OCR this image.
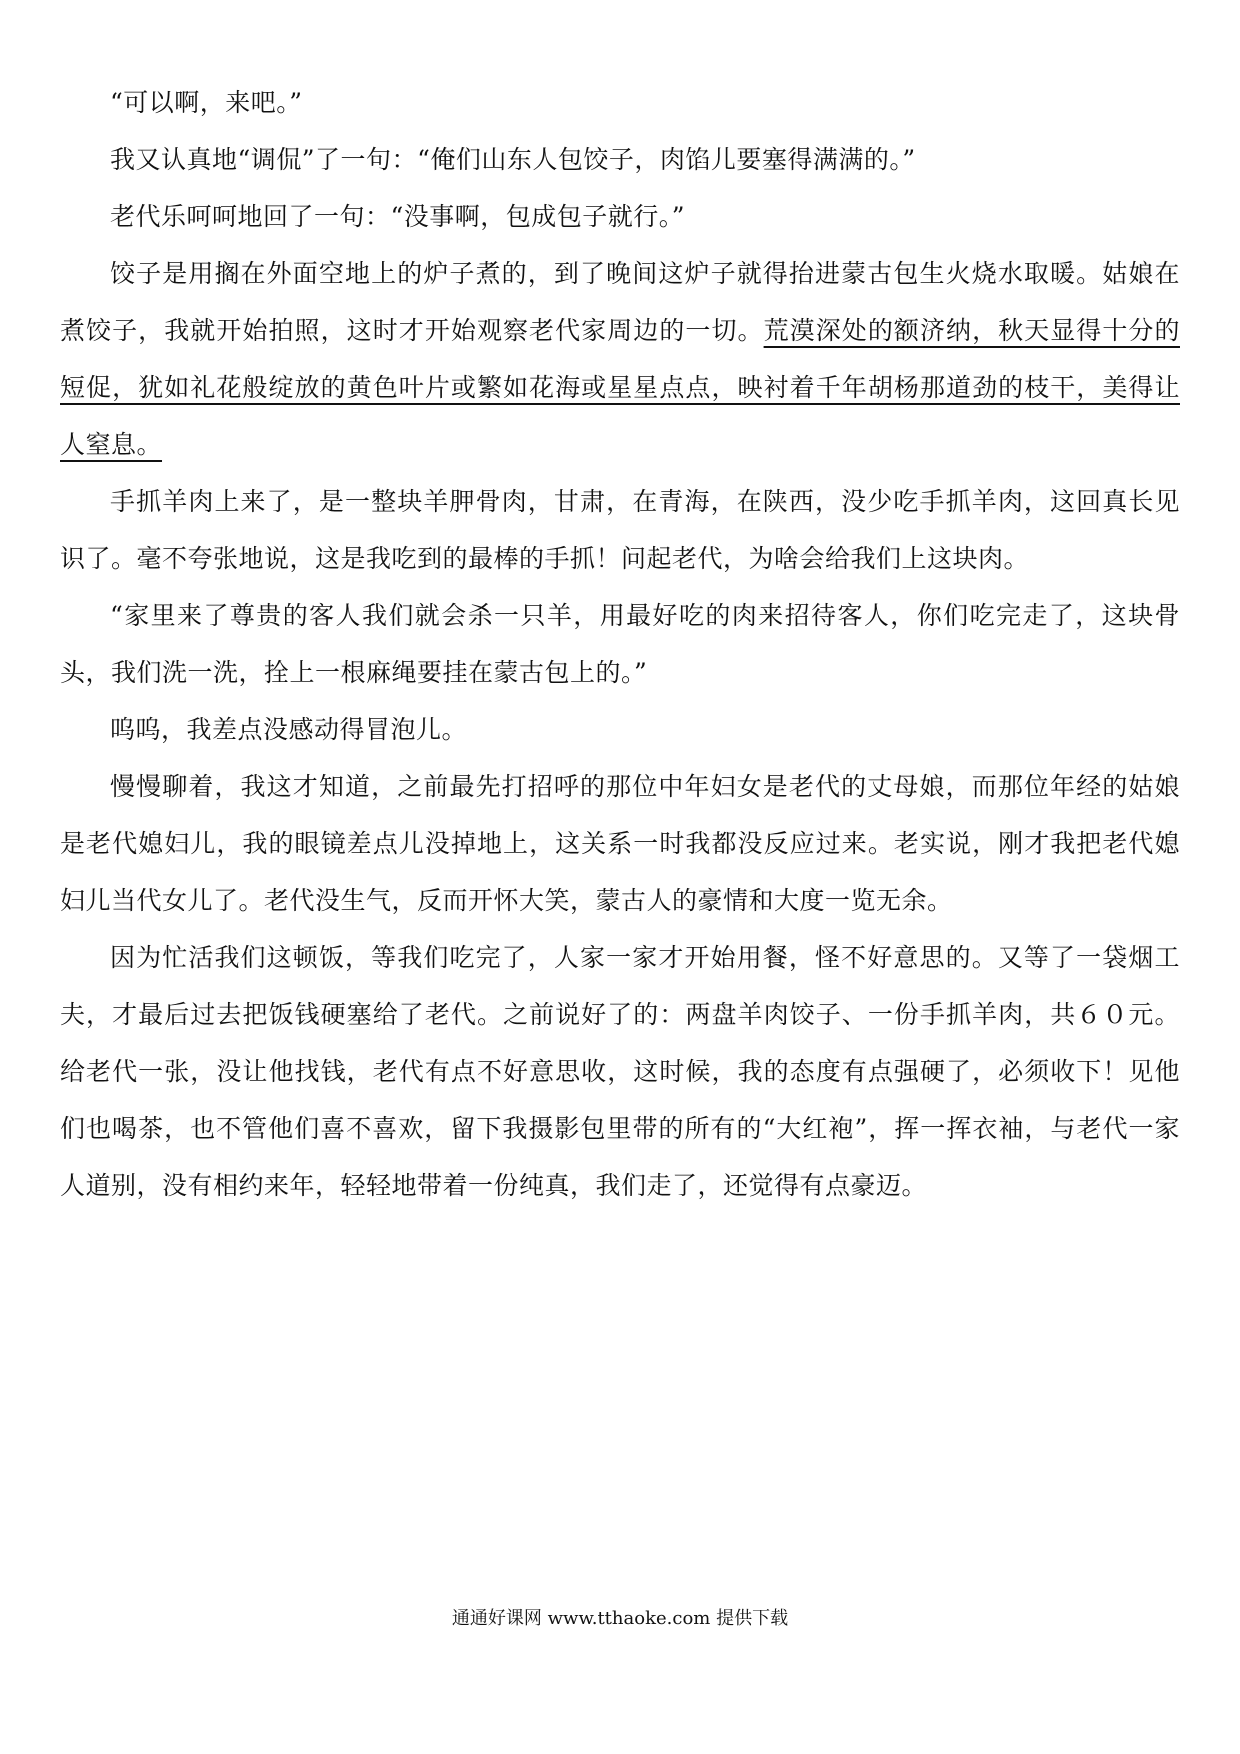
“可以啊，来吧。”

我又认真地“调侃”了一句：“俺们山东人包饺子，肉馅儿要塞得满满的。”

老代乐呵呵地回了一句：“没事啊，包成包子就行。”

饺子是用搁在外面空地上的炉子煮的，到了晚间这炉子就得抬进蒙古包生火烧水取暖。姑娘在煮饺子，我就开始拍照，这时才开始观察老代家周边的一切。荒漠深处的额济纳，秋天显得十分的短促，犹如礼花般绽放的黄色叶片或繁如花海或星星点点，映衬着千年胡杨那道劲的枝干，美得让人窒息。

手抓羊肉上来了，是一整块羊胛骨肉，甘肃，在青海，在陕西，没少吃手抓羊肉，这回真长见识了。毫不夸张地说，这是我吃到的最棒的手抓！问起老代，为啥会给我们上这块肉。

“家里来了尊贵的客人我们就会杀一只羊，用最好吃的肉来招待客人，你们吃完走了，这块骨头，我们洗一洗，拴上一根麻绳要挂在蒙古包上的。”

呜呜，我差点没感动得冒泡儿。

慢慢聊着，我这才知道，之前最先打招呼的那位中年妇女是老代的丈母娘，而那位年经的姑娘是老代媳妇儿，我的眼镜差点儿没掉地上，这关系一时我都没反应过来。老实说，刚才我把老代媳妇儿当代女儿了。老代没生气，反而开怀大笑，蒙古人的豪情和大度一览无余。

因为忙活我们这顿饭，等我们吃完了，人家一家才开始用餐，怪不好意思的。又等了一袋烟工夫，才最后过去把饭钱硬塞给了老代。之前说好了的：两盘羊肉饺子、一份手抓羊肉，共６０元。给老代一张，没让他找钱，老代有点不好意思收，这时候，我的态度有点强硬了，必须收下！见他们也喝茶，也不管他们喜不喜欢，留下我摄影包里带的所有的“大红袍”，挥一挥衣袖，与老代一家人道别，没有相约来年，轻轻地带着一份纯真，我们走了，还觉得有点豪迈。

通通好课网 www.tthaoke.com 提供下载
